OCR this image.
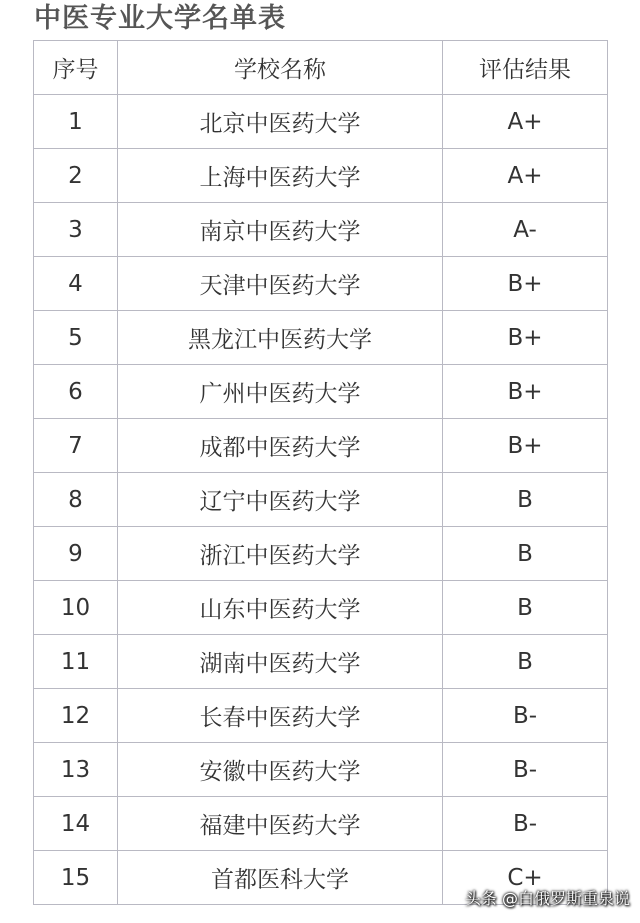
中医专业大学名单表
序号	学校名称	评估结果
1	北京中医药大学	A+
2	上海中医药大学	A+
3	南京中医药大学	A-
4	天津中医药大学	B+
5	黑龙江中医药大学	B+
6	广州中医药大学	B+
7	成都中医药大学	B+
8	辽宁中医药大学	B
9	浙江中医药大学	B
10	山东中医药大学	B
11	湖南中医药大学	B
12	长春中医药大学	B-
13	安徽中医药大学	B-
14	福建中医药大学	B-
15	首都医科大学	C+
头条 @白俄罗斯重泉说
